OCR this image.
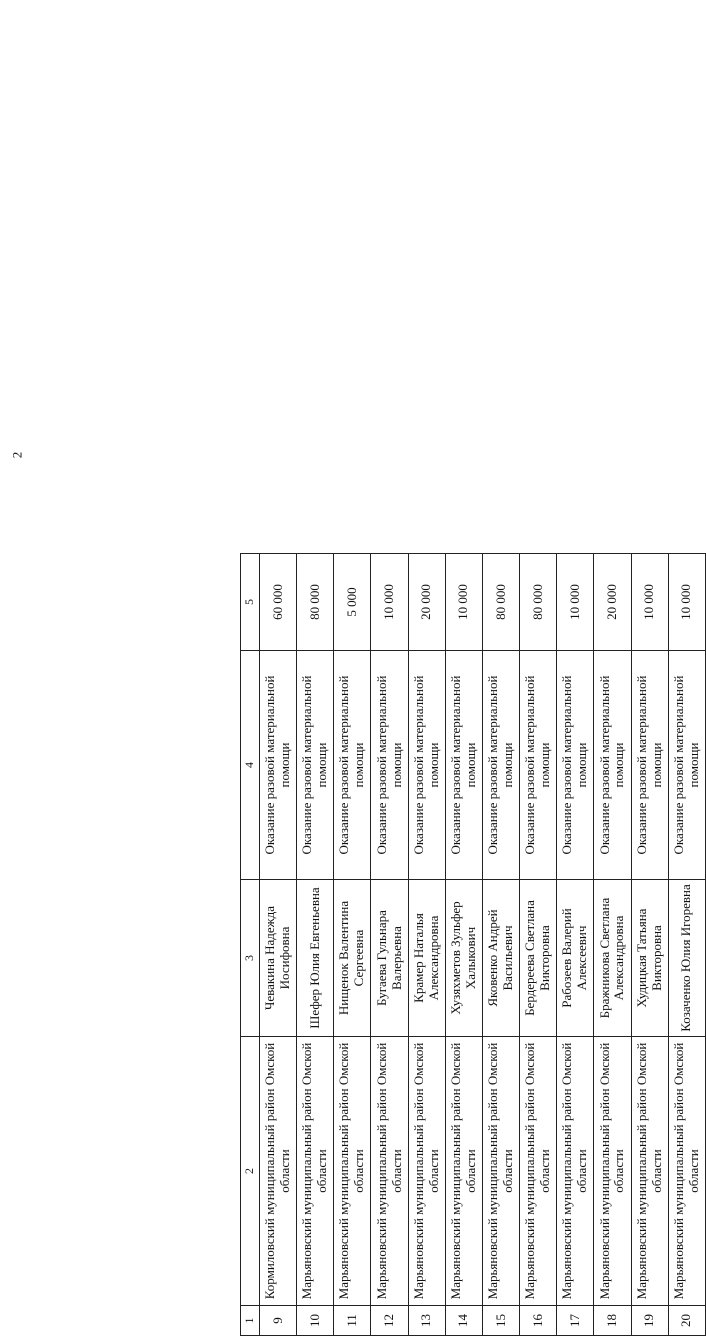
2
1	2	3	4	5
9	Кормиловский муниципальный район Омской области	Чевакина Надежда Иосифовна	Оказание разовой материальной помощи	60 000
10	Марьяновский муниципальный район Омской области	Шефер Юлия Евгеньевна	Оказание разовой материальной помощи	80 000
11	Марьяновский муниципальный район Омской области	Нищенок Валентина Сергеевна	Оказание разовой материальной помощи	5 000
12	Марьяновский муниципальный район Омской области	Бугаева Гульнара Валерьевна	Оказание разовой материальной помощи	10 000
13	Марьяновский муниципальный район Омской области	Крамер Наталья Александровна	Оказание разовой материальной помощи	20 000
14	Марьяновский муниципальный район Омской области	Хузяхметов Зульфер Халыкович	Оказание разовой материальной помощи	10 000
15	Марьяновский муниципальный район Омской области	Яковенко Андрей Васильевич	Оказание разовой материальной помощи	80 000
16	Марьяновский муниципальный район Омской области	Бердереева Светлана Викторовна	Оказание разовой материальной помощи	80 000
17	Марьяновский муниципальный район Омской области	Рабозеев Валерий Алексеевич	Оказание разовой материальной помощи	10 000
18	Марьяновский муниципальный район Омской области	Бражникова Светлана Александровна	Оказание разовой материальной помощи	20 000
19	Марьяновский муниципальный район Омской области	Худицкая Татьяна Викторовна	Оказание разовой материальной помощи	10 000
20	Марьяновский муниципальный район Омской области	Козаченко Юлия Игоревна	Оказание разовой материальной помощи	10 000
